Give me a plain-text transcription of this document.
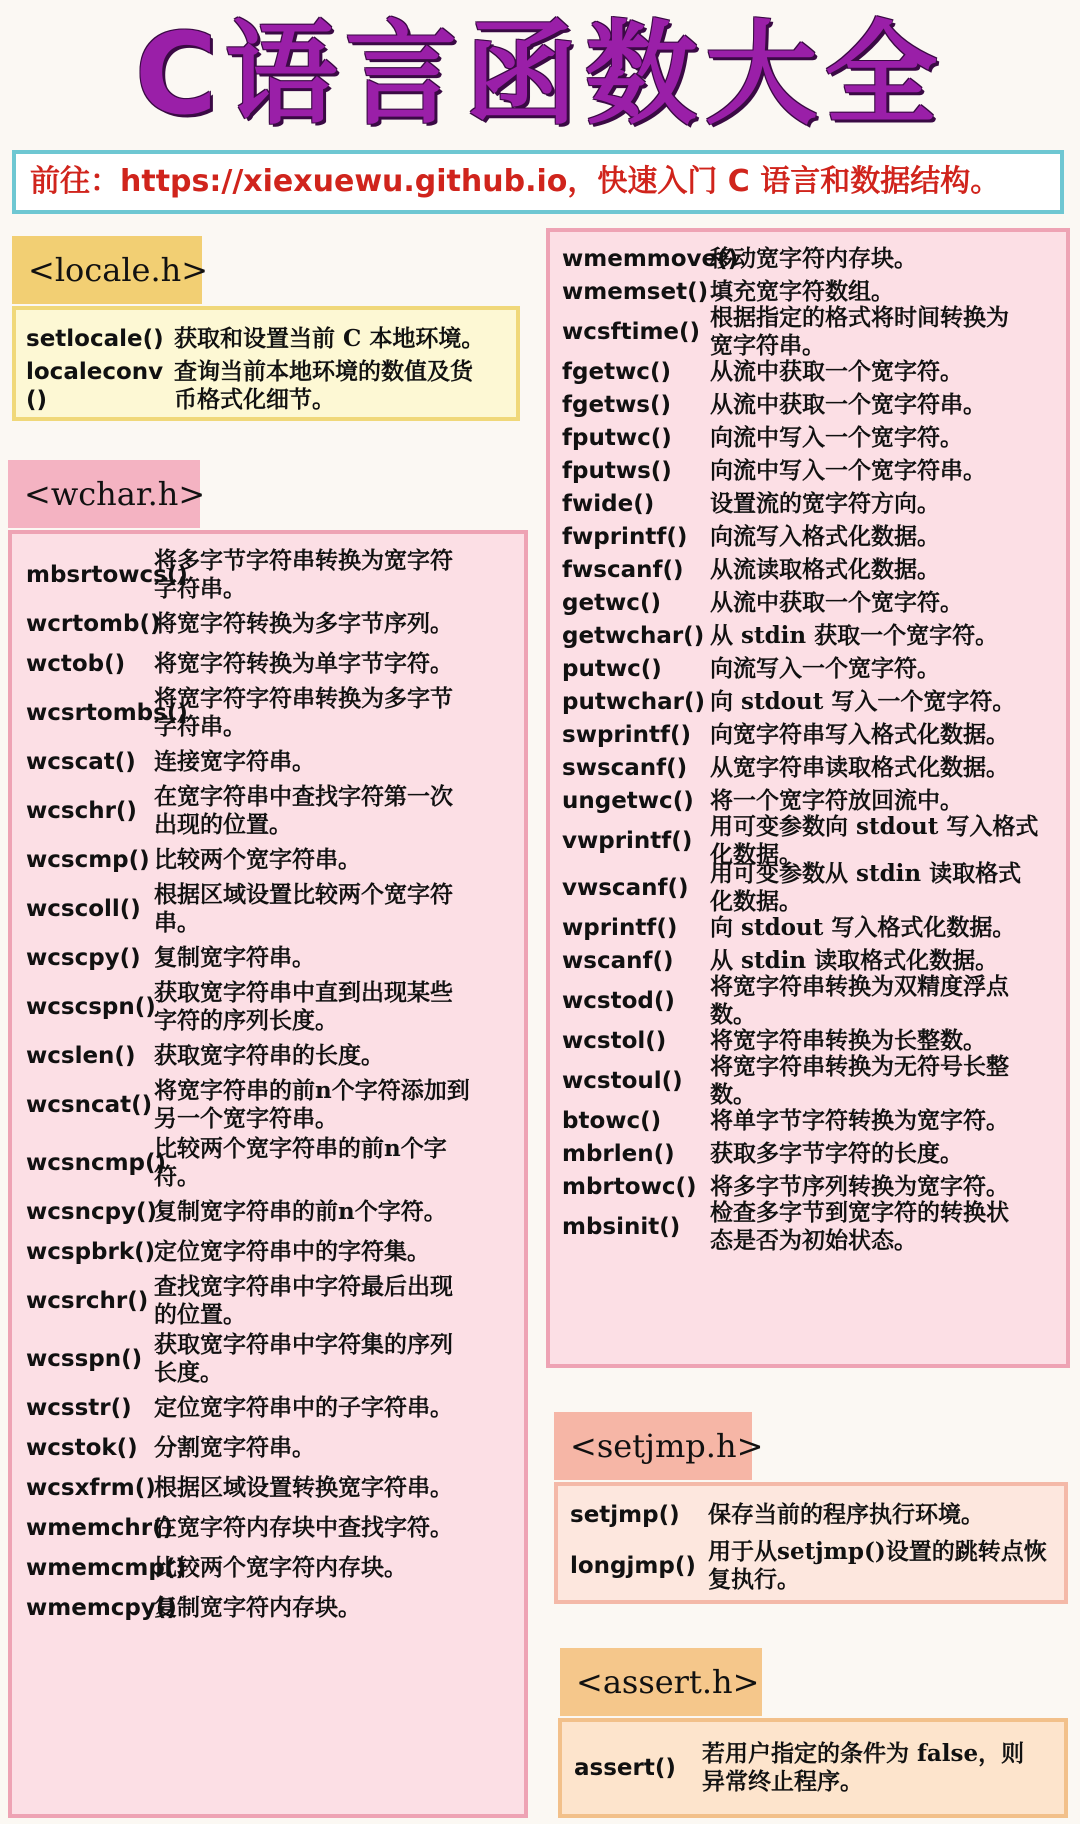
C语言函数大全
前往：https://xiexuewu.github.io，快速入门 C 语言和数据结构。
<locale.h>
setlocale() 获取和设置当前 C 本地环境。
localeconv
()
查询当前本地环境的数值及货
币格式化细节。
<wchar.h>
mbsrtowcs()
将多字节字符串转换为宽字符
字符串。
wcrtomb()
将宽字符转换为多字节序列。
wctob() 将宽字符转换为单字节字符。
wcsrtombs()
将宽字符字符串转换为多字节
字符串。
wcscat() 连接宽字符串。
wcschr()
在宽字符串中查找字符第一次
出现的位置。
wcscmp() 比较两个宽字符串。
wcscoll()
根据区域设置比较两个宽字符
串。
wcscpy() 复制宽字符串。
wcscspn()
获取宽字符串中直到出现某些
字符的序列长度。
wcslen() 获取宽字符串的长度。
wcsncat()
将宽字符串的前n个字符添加到
另一个宽字符串。
wcsncmp()
比较两个宽字符串的前n个字
符。
wcsncpy()
复制宽字符串的前n个字符。
wcspbrk()
定位宽字符串中的字符集。
wcsrchr()
查找宽字符串中字符最后出现
的位置。
wcsspn()
获取宽字符串中字符集的序列
长度。
wcsstr() 定位宽字符串中的子字符串。
wcstok() 分割宽字符串。
wcsxfrm()
根据区域设置转换宽字符串。
wmemchr()
在宽字符内存块中查找字符。
wmemcmp()
比较两个宽字符内存块。
wmemcpy()
复制宽字符内存块。
wmemmove()
移动宽字符内存块。
wmemset() 填充宽字符数组。
wcsftime()
根据指定的格式将时间转换为
宽字符串。
fgetwc() 从流中获取一个宽字符。
fgetws() 从流中获取一个宽字符串。
fputwc() 向流中写入一个宽字符。
fputws() 向流中写入一个宽字符串。
fwide() 设置流的宽字符方向。
fwprintf() 向流写入格式化数据。
fwscanf() 从流读取格式化数据。
getwc() 从流中获取一个宽字符。
getwchar() 从 stdin 获取一个宽字符。
putwc() 向流写入一个宽字符。
putwchar() 向 stdout 写入一个宽字符。
swprintf() 向宽字符串写入格式化数据。
swscanf() 从宽字符串读取格式化数据。
ungetwc() 将一个宽字符放回流中。
vwprintf()
用可变参数向 stdout 写入格式
化数据。
vwscanf()
用可变参数从 stdin 读取格式
化数据。
wprintf() 向 stdout 写入格式化数据。
wscanf() 从 stdin 读取格式化数据。
wcstod()
将宽字符串转换为双精度浮点
数。
wcstol() 将宽字符串转换为长整数。
wcstoul()
将宽字符串转换为无符号长整
数。
btowc() 将单字节字符转换为宽字符。
mbrlen() 获取多字节字符的长度。
mbrtowc() 将多字节序列转换为宽字符。
mbsinit()
检查多字节到宽字符的转换状
态是否为初始状态。
<setjmp.h>
setjmp() 保存当前的程序执行环境。
longjmp()
用于从setjmp()设置的跳转点恢
复执行。
<assert.h>
assert()
若用户指定的条件为 false，则
异常终止程序。
